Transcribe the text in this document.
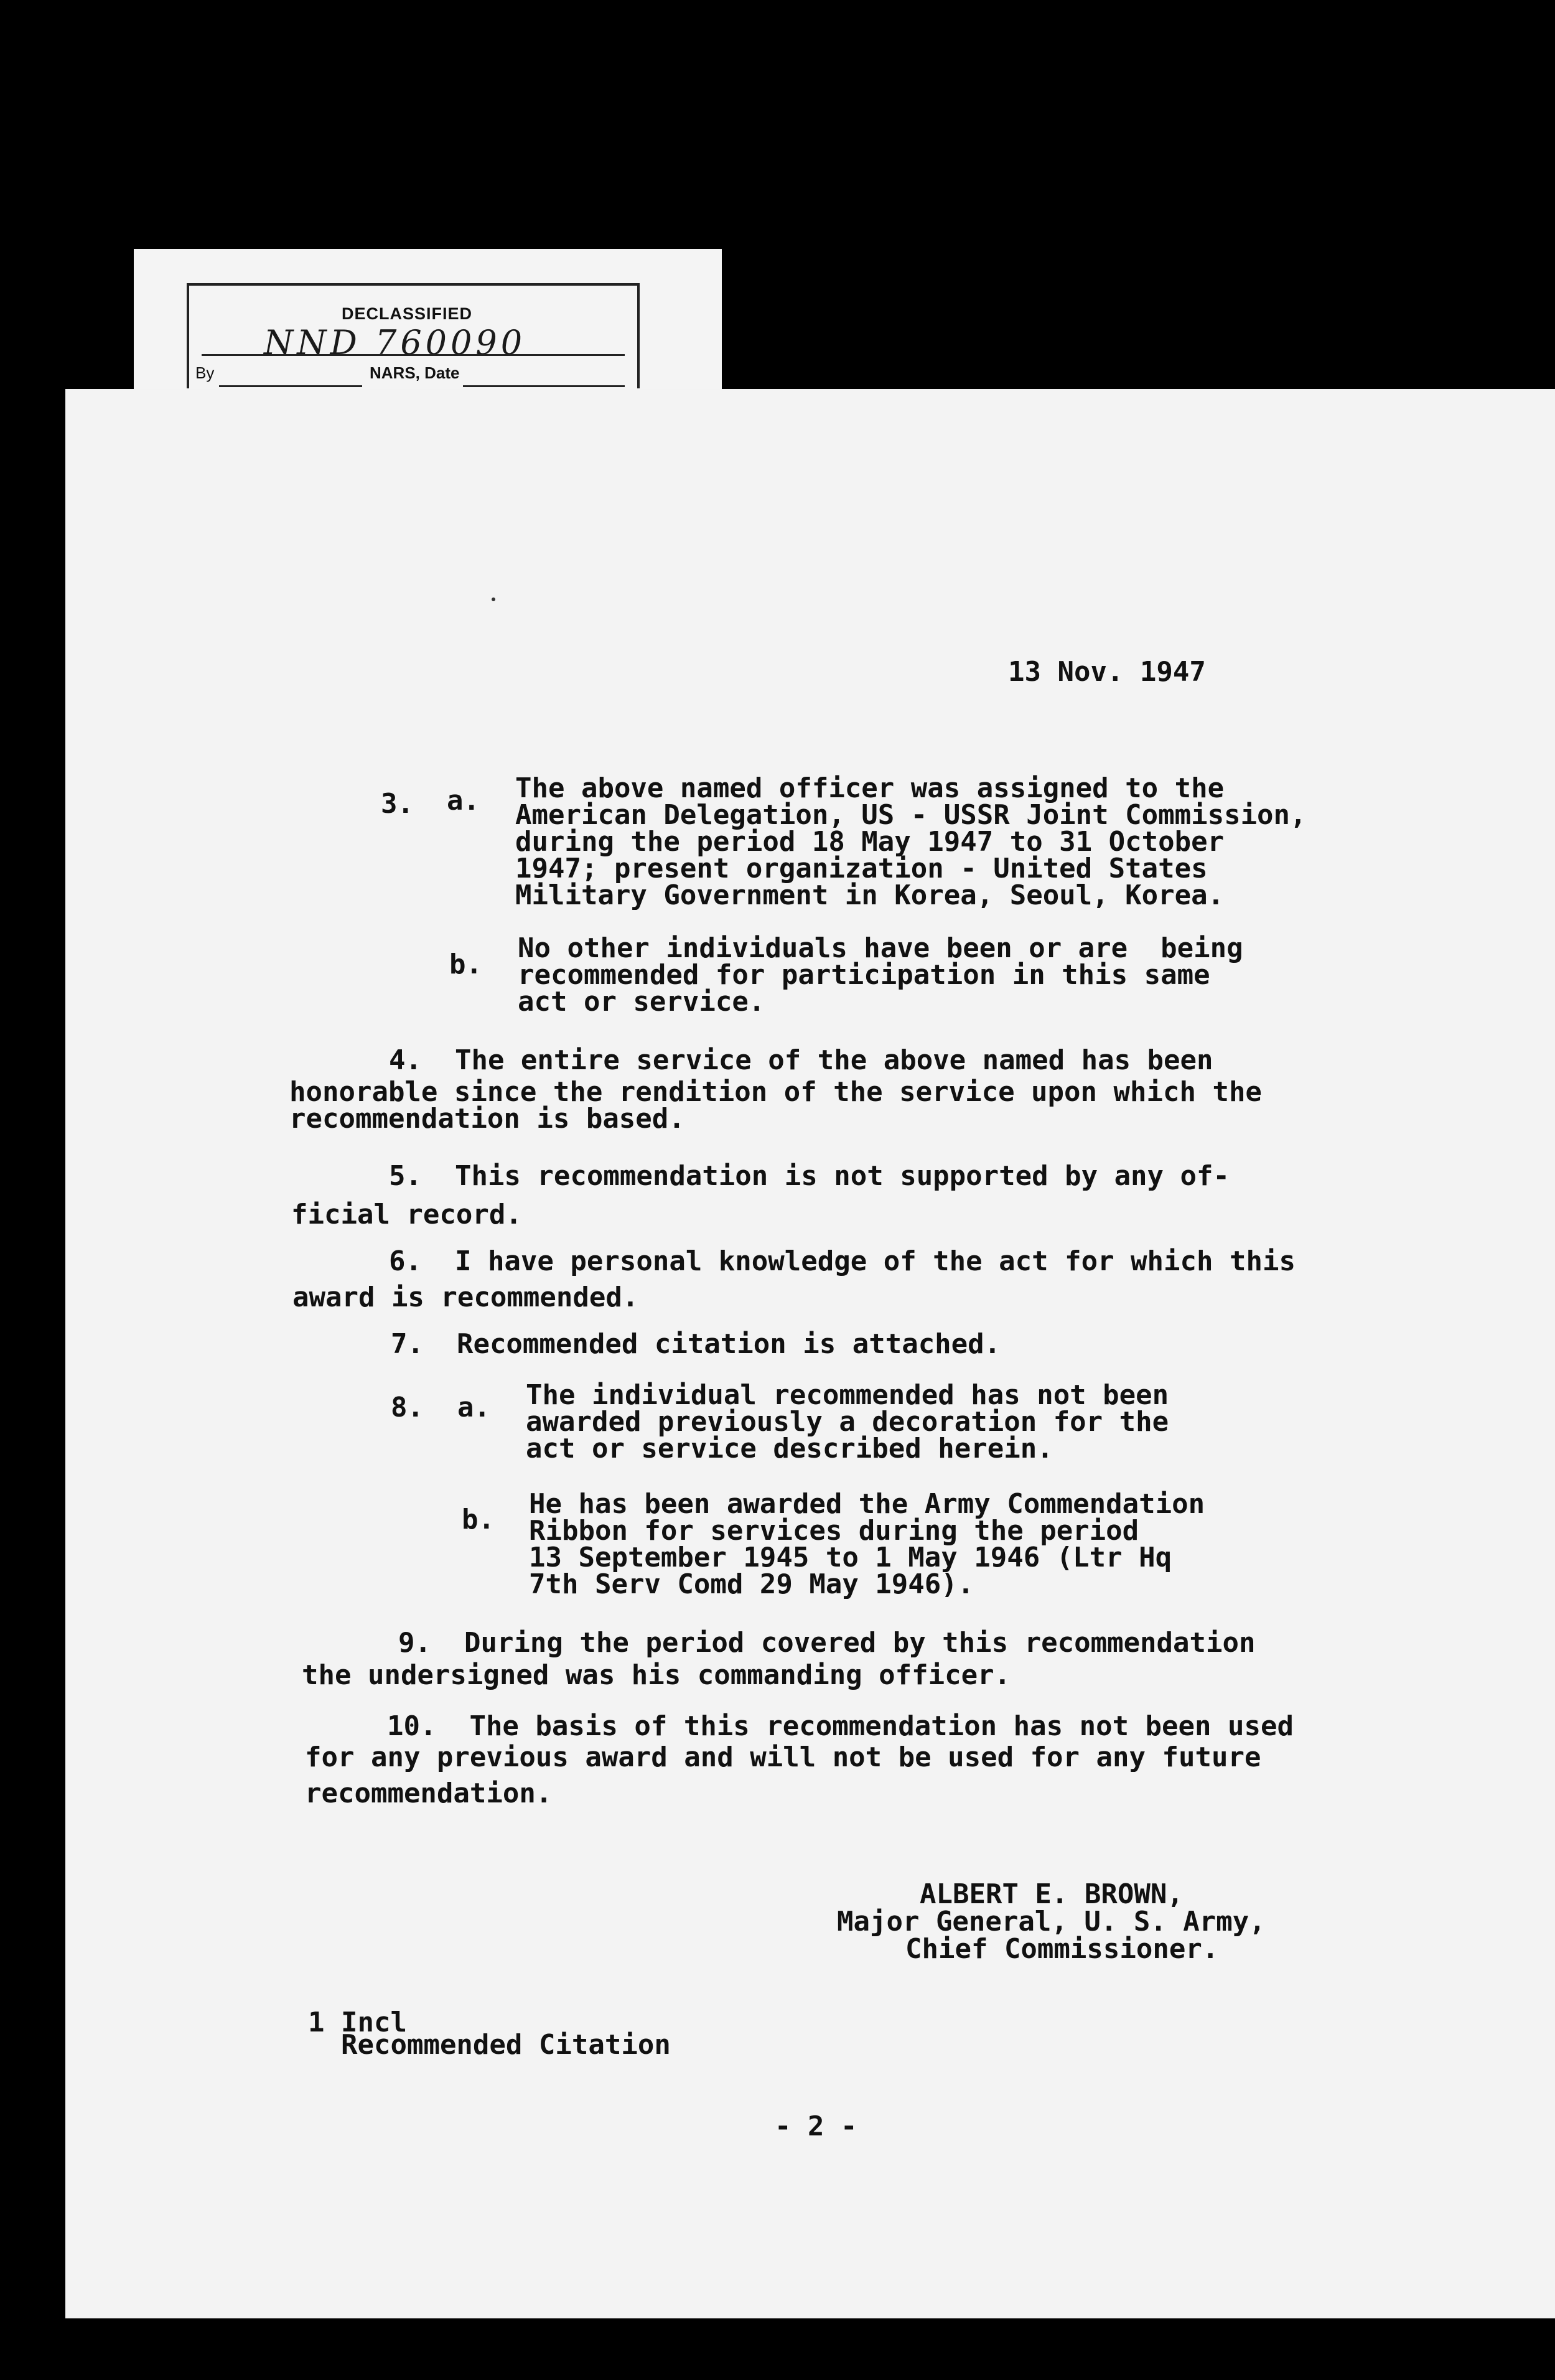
DECLASSIFIED
NND 760090
By	NARS, Date
13 Nov. 1947
3. a. The above named officer was assigned to the
American Delegation, US - USSR Joint Commission,
during the period 18 May 1947 to 31 October
1947; present organization - United States
Military Government in Korea, Seoul, Korea.
b.
No other individuals have been or are  being
recommended for participation in this same
act or service.
4.  The entire service of the above named has been
honorable since the rendition of the service upon which the
recommendation is based.
5.  This recommendation is not supported by any of-
ficial record.
6.  I have personal knowledge of the act for which this
award is recommended.
7.  Recommended citation is attached.
8. a. The individual recommended has not been
awarded previously a decoration for the
act or service described herein.
b. He has been awarded the Army Commendation
Ribbon for services during the period
13 September 1945 to 1 May 1946 (Ltr Hq
7th Serv Comd 29 May 1946).
9.  During the period covered by this recommendation
the undersigned was his commanding officer.
10.  The basis of this recommendation has not been used
for any previous award and will not be used for any future
recommendation.
ALBERT E. BROWN,
Major General, U. S. Army,
Chief Commissioner.
1 Incl
Recommended Citation
- 2 -
